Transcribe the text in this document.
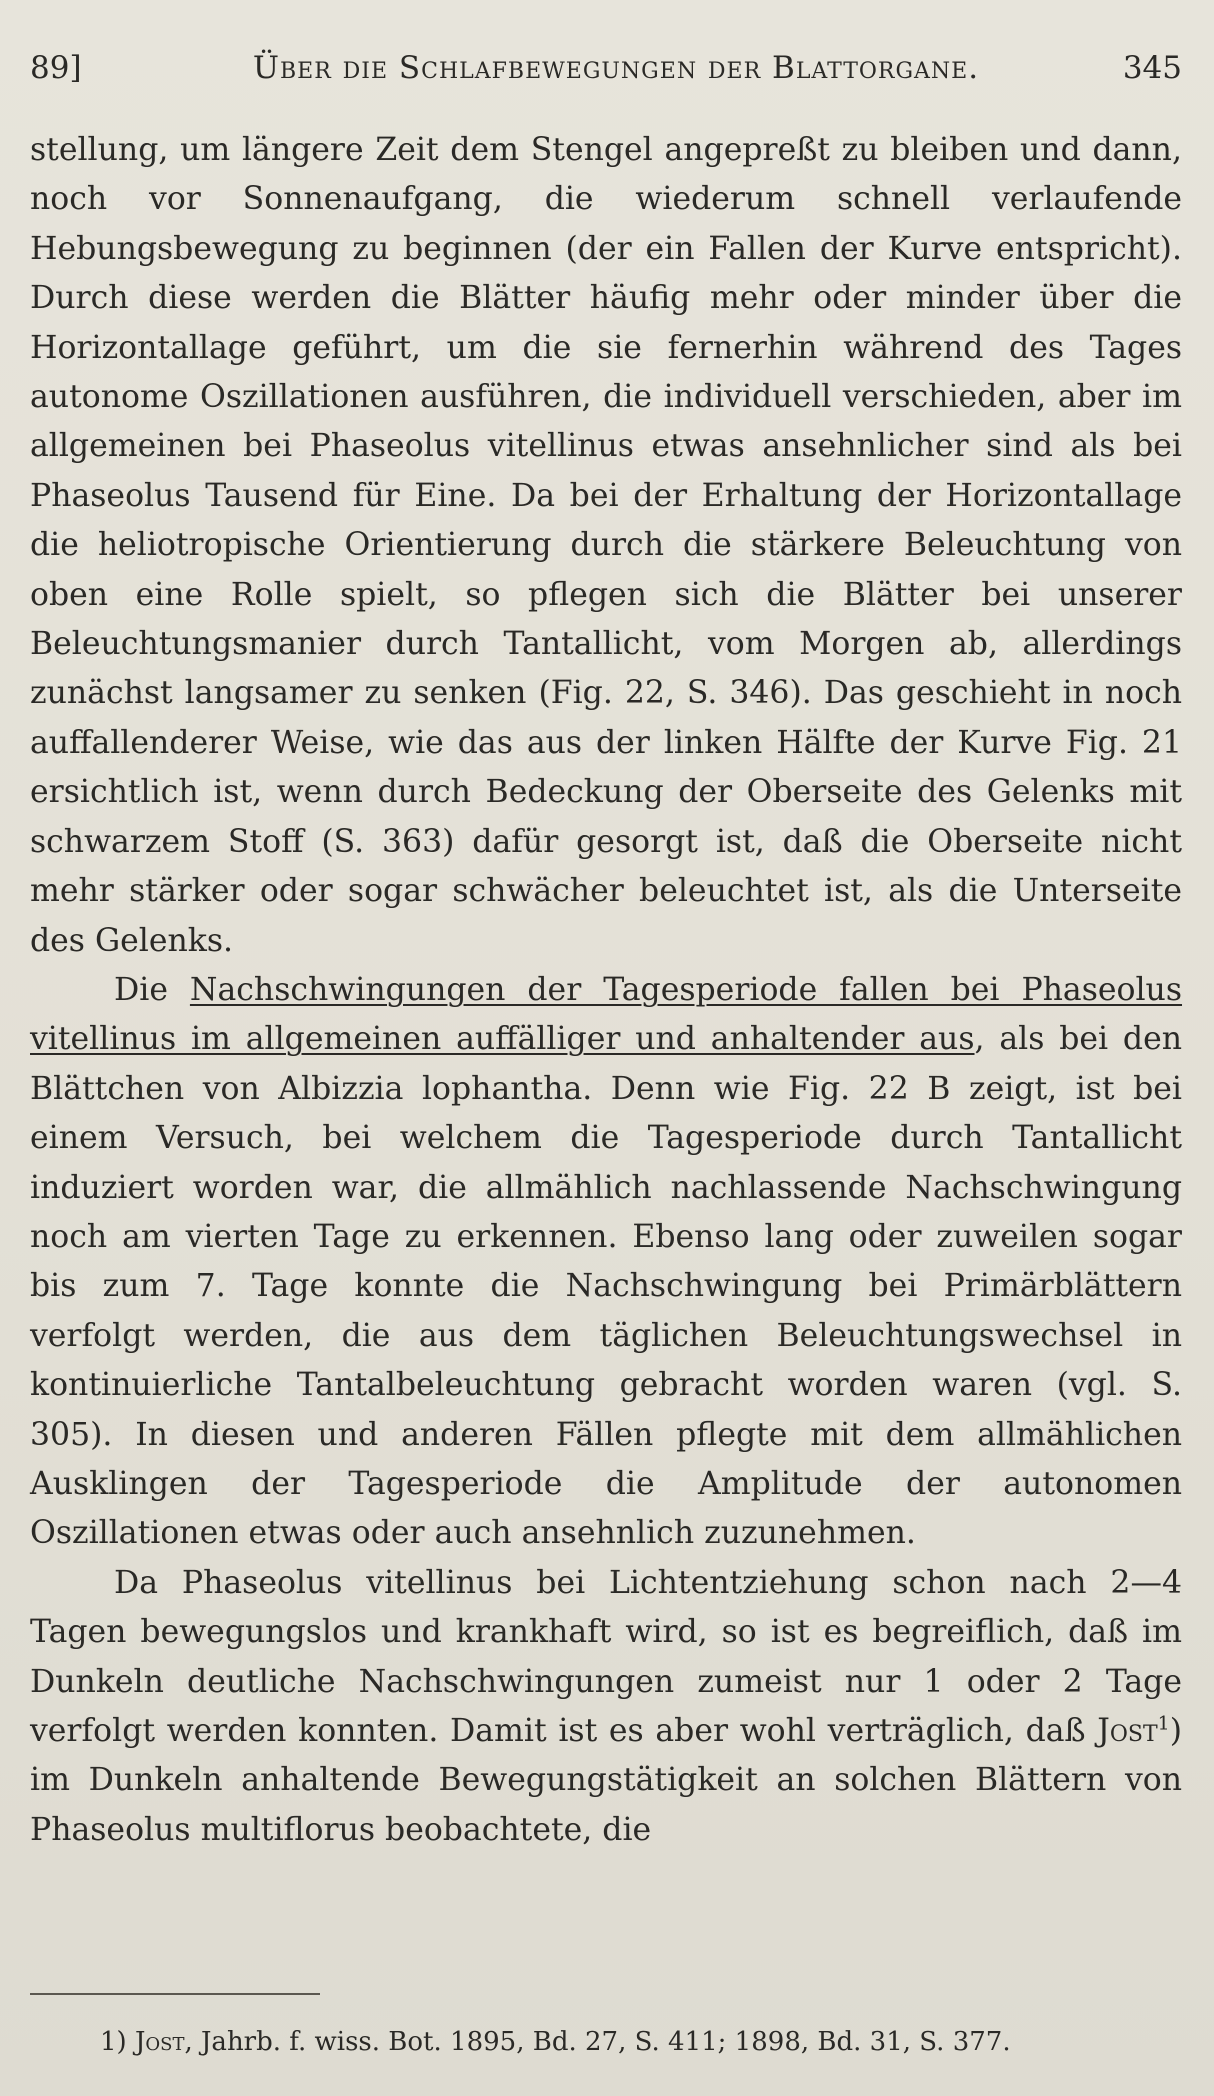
89]	Über die Schlafbewegungen der Blattorgane.	345

stellung, um längere Zeit dem Stengel angepreßt zu bleiben und dann, noch vor Sonnenaufgang, die wiederum schnell verlaufende Hebungsbewegung zu beginnen (der ein Fallen der Kurve entspricht). Durch diese werden die Blätter häufig mehr oder minder über die Horizontallage geführt, um die sie fernerhin während des Tages autonome Oszillationen ausführen, die individuell verschieden, aber im allgemeinen bei Phaseolus vitellinus etwas ansehnlicher sind als bei Phaseolus Tausend für Eine. Da bei der Erhaltung der Horizontallage die heliotropische Orientierung durch die stärkere Beleuchtung von oben eine Rolle spielt, so pflegen sich die Blätter bei unserer Beleuchtungsmanier durch Tantallicht, vom Morgen ab, allerdings zunächst langsamer zu senken (Fig. 22, S. 346). Das geschieht in noch auffallenderer Weise, wie das aus der linken Hälfte der Kurve Fig. 21 ersichtlich ist, wenn durch Bedeckung der Oberseite des Gelenks mit schwarzem Stoff (S. 363) dafür gesorgt ist, daß die Oberseite nicht mehr stärker oder sogar schwächer beleuchtet ist, als die Unterseite des Gelenks.

Die Nachschwingungen der Tagesperiode fallen bei Phaseolus vitellinus im allgemeinen auffälliger und anhaltender aus, als bei den Blättchen von Albizzia lophantha. Denn wie Fig. 22 B zeigt, ist bei einem Versuch, bei welchem die Tagesperiode durch Tantallicht induziert worden war, die allmählich nachlassende Nachschwingung noch am vierten Tage zu erkennen. Ebenso lang oder zuweilen sogar bis zum 7. Tage konnte die Nachschwingung bei Primärblättern verfolgt werden, die aus dem täglichen Beleuchtungswechsel in kontinuierliche Tantalbeleuchtung gebracht worden waren (vgl. S. 305). In diesen und anderen Fällen pflegte mit dem allmählichen Ausklingen der Tagesperiode die Amplitude der autonomen Oszillationen etwas oder auch ansehnlich zuzunehmen.

Da Phaseolus vitellinus bei Lichtentziehung schon nach 2—4 Tagen bewegungslos und krankhaft wird, so ist es begreiflich, daß im Dunkeln deutliche Nachschwingungen zumeist nur 1 oder 2 Tage verfolgt werden konnten. Damit ist es aber wohl verträglich, daß Jost$^1$) im Dunkeln anhaltende Bewegungstätigkeit an solchen Blättern von Phaseolus multiflorus beobachtete, die

1) Jost, Jahrb. f. wiss. Bot. 1895, Bd. 27, S. 411; 1898, Bd. 31, S. 377.
